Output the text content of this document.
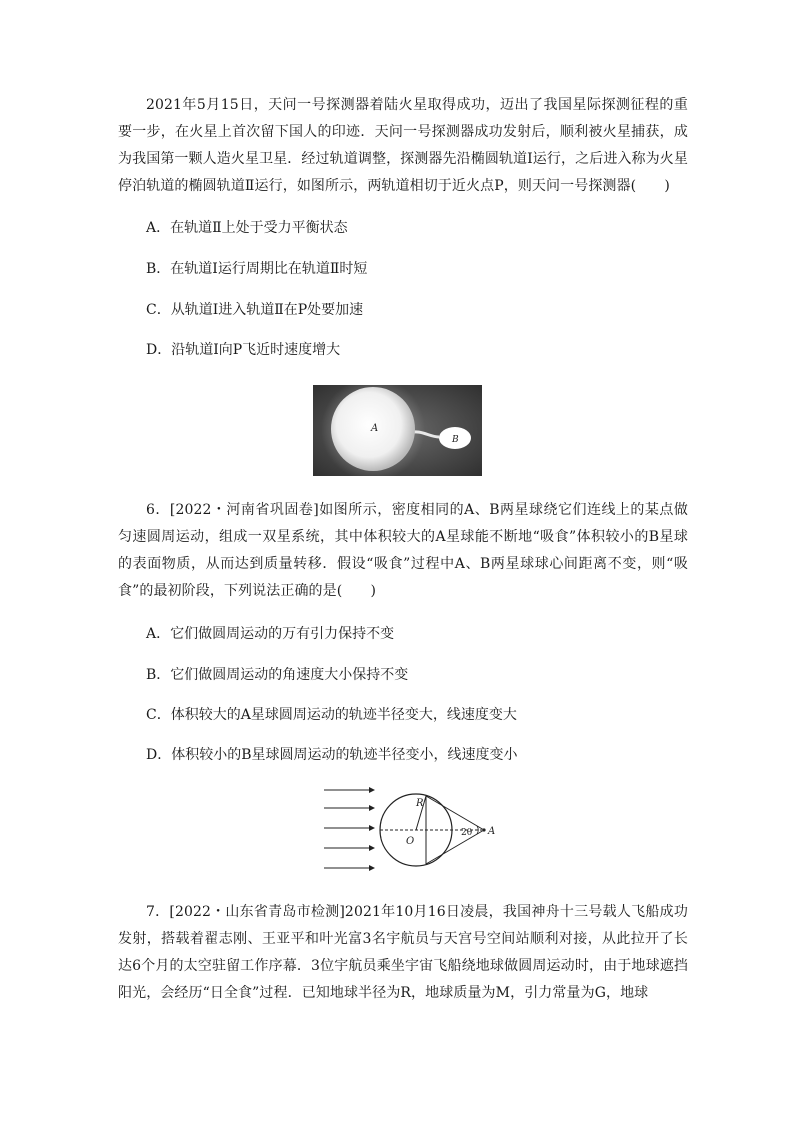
2021年5月15日，天问一号探测器着陆火星取得成功，迈出了我国星际探测征程的重要一步，在火星上首次留下国人的印迹．天问一号探测器成功发射后，顺利被火星捕获，成为我国第一颗人造火星卫星．经过轨道调整，探测器先沿椭圆轨道Ⅰ运行，之后进入称为火星停泊轨道的椭圆轨道Ⅱ运行，如图所示，两轨道相切于近火点P，则天问一号探测器(　　)

A．在轨道Ⅱ上处于受力平衡状态

B．在轨道Ⅰ运行周期比在轨道Ⅱ时短

C．从轨道Ⅰ进入轨道Ⅱ在P处要加速

D．沿轨道Ⅰ向P飞近时速度增大

A
B

6．[2022・河南省巩固卷]如图所示，密度相同的A、B两星球绕它们连线上的某点做匀速圆周运动，组成一双星系统，其中体积较大的A星球能不断地“吸食”体积较小的B星球的表面物质，从而达到质量转移．假设“吸食”过程中A、B两星球球心间距离不变，则“吸食”的最初阶段，下列说法正确的是(　　)

A．它们做圆周运动的万有引力保持不变

B．它们做圆周运动的角速度大小保持不变

C．体积较大的A星球圆周运动的轨迹半径变大，线速度变大

D．体积较小的B星球圆周运动的轨迹半径变小，线速度变小

R
O
2θ A

7．[2022・山东省青岛市检测]2021年10月16日凌晨，我国神舟十三号载人飞船成功发射，搭载着翟志刚、王亚平和叶光富3名宇航员与天宫号空间站顺利对接，从此拉开了长达6个月的太空驻留工作序幕．3位宇航员乘坐宇宙飞船绕地球做圆周运动时，由于地球遮挡阳光，会经历“日全食”过程．已知地球半径为R，地球质量为M，引力常量为G，地球
